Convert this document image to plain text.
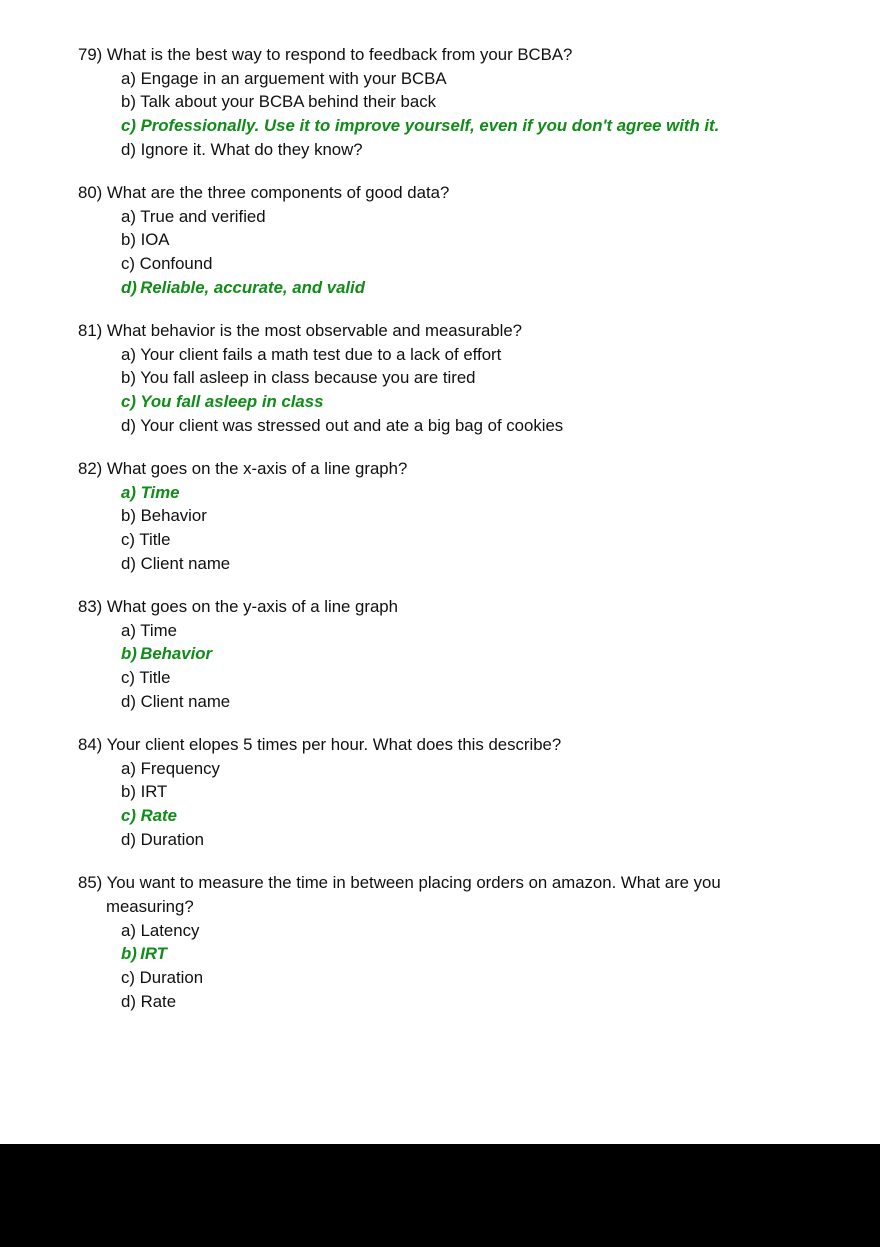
79) What is the best way to respond to feedback from your BCBA?
a) Engage in an arguement with your BCBA
b) Talk about your BCBA behind their back
c) Professionally. Use it to improve yourself, even if you don't agree with it.
d) Ignore it. What do they know?
80) What are the three components of good data?
a) True and verified
b) IOA
c) Confound
d) Reliable, accurate, and valid
81) What behavior is the most observable and measurable?
a) Your client fails a math test due to a lack of effort
b) You fall asleep in class because you are tired
c) You fall asleep in class
d) Your client was stressed out and ate a big bag of cookies
82) What goes on the x-axis of a line graph?
a) Time
b) Behavior
c) Title
d) Client name
83) What goes on the y-axis of a line graph
a) Time
b) Behavior
c) Title
d) Client name
84) Your client elopes 5 times per hour. What does this describe?
a) Frequency
b) IRT
c) Rate
d) Duration
85) You want to measure the time in between placing orders on amazon. What are you measuring?
a) Latency
b) IRT
c) Duration
d) Rate
